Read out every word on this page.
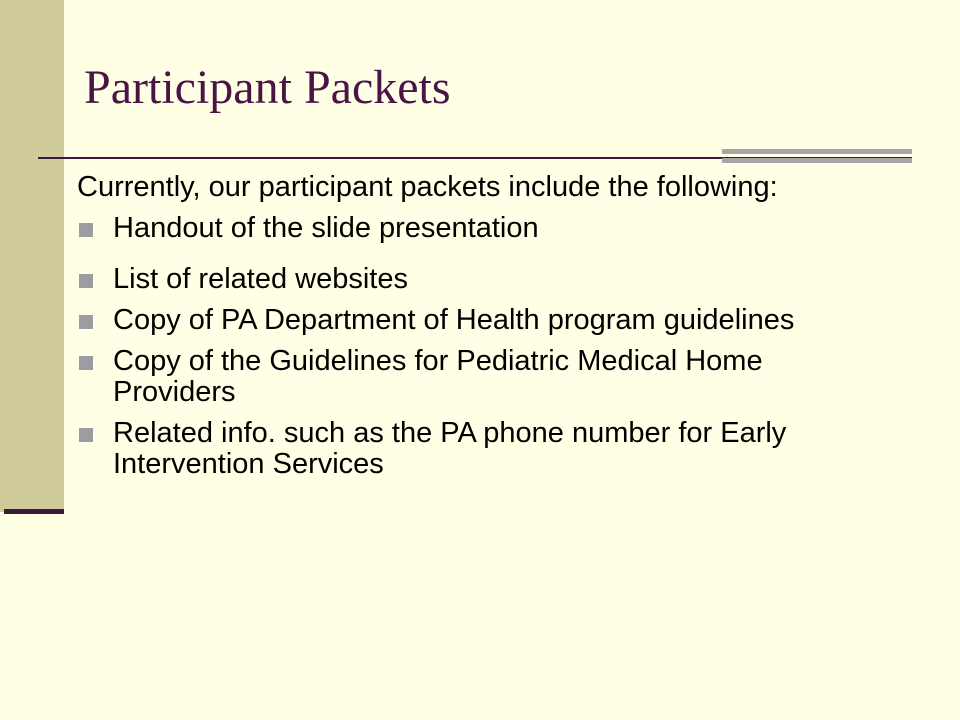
Participant Packets

Currently, our participant packets include the following:

Handout of the slide presentation
List of related websites
Copy of PA Department of Health program guidelines
Copy of the Guidelines for Pediatric Medical Home Providers
Related info. such as the PA phone number for Early Intervention Services
